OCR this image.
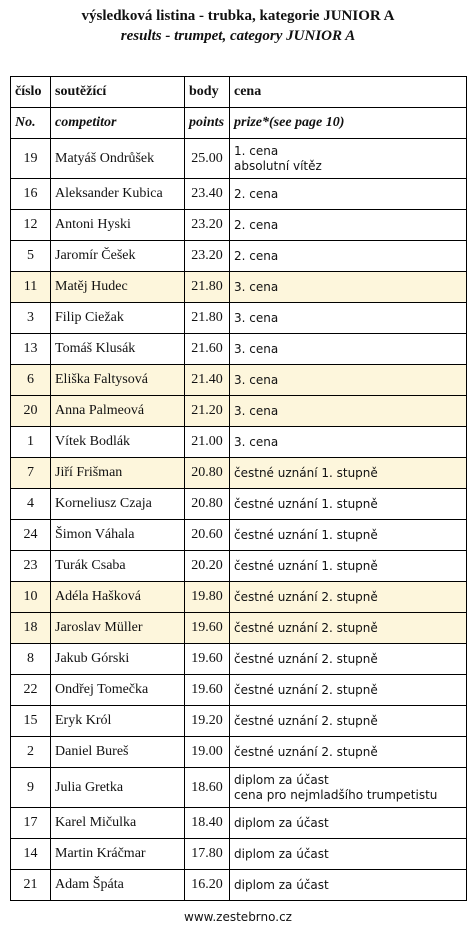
výsledková listina - trubka, kategorie JUNIOR A
results - trumpet, category JUNIOR A
číslo	soutěžící	body	cena
No.	competitor	points	prize*(see page 10)
19	Matyáš Ondrůšek	25.00	1. cena
absolutní vítěz

16	Aleksander Kubica	23.40	2. cena

12	Antoni Hyski	23.20	2. cena

5	Jaromír Češek	23.20	2. cena

11	Matěj Hudec	21.80	3. cena

3	Filip Ciežak	21.80	3. cena

13	Tomáš Klusák	21.60	3. cena

6	Eliška Faltysová	21.40	3. cena

20	Anna Palmeová	21.20	3. cena

1	Vítek Bodlák	21.00	3. cena

7	Jiří Frišman	20.80	čestné uznání 1. stupně

4	Korneliusz Czaja	20.80	čestné uznání 1. stupně

24	Šimon Váhala	20.60	čestné uznání 1. stupně

23	Turák Csaba	20.20	čestné uznání 1. stupně

10	Adéla Hašková	19.80	čestné uznání 2. stupně

18	Jaroslav Müller	19.60	čestné uznání 2. stupně

8	Jakub Górski	19.60	čestné uznání 2. stupně

22	Ondřej Tomečka	19.60	čestné uznání 2. stupně

15	Eryk Król	19.20	čestné uznání 2. stupně

2	Daniel Bureš	19.00	čestné uznání 2. stupně

9	Julia Gretka	18.60	diplom za účast
cena pro nejmladšího trumpetistu

17	Karel Mičulka	18.40	diplom za účast

14	Martin Kráčmar	17.80	diplom za účast

21	Adam Špáta	16.20	diplom za účast
www.zestebrno.cz
